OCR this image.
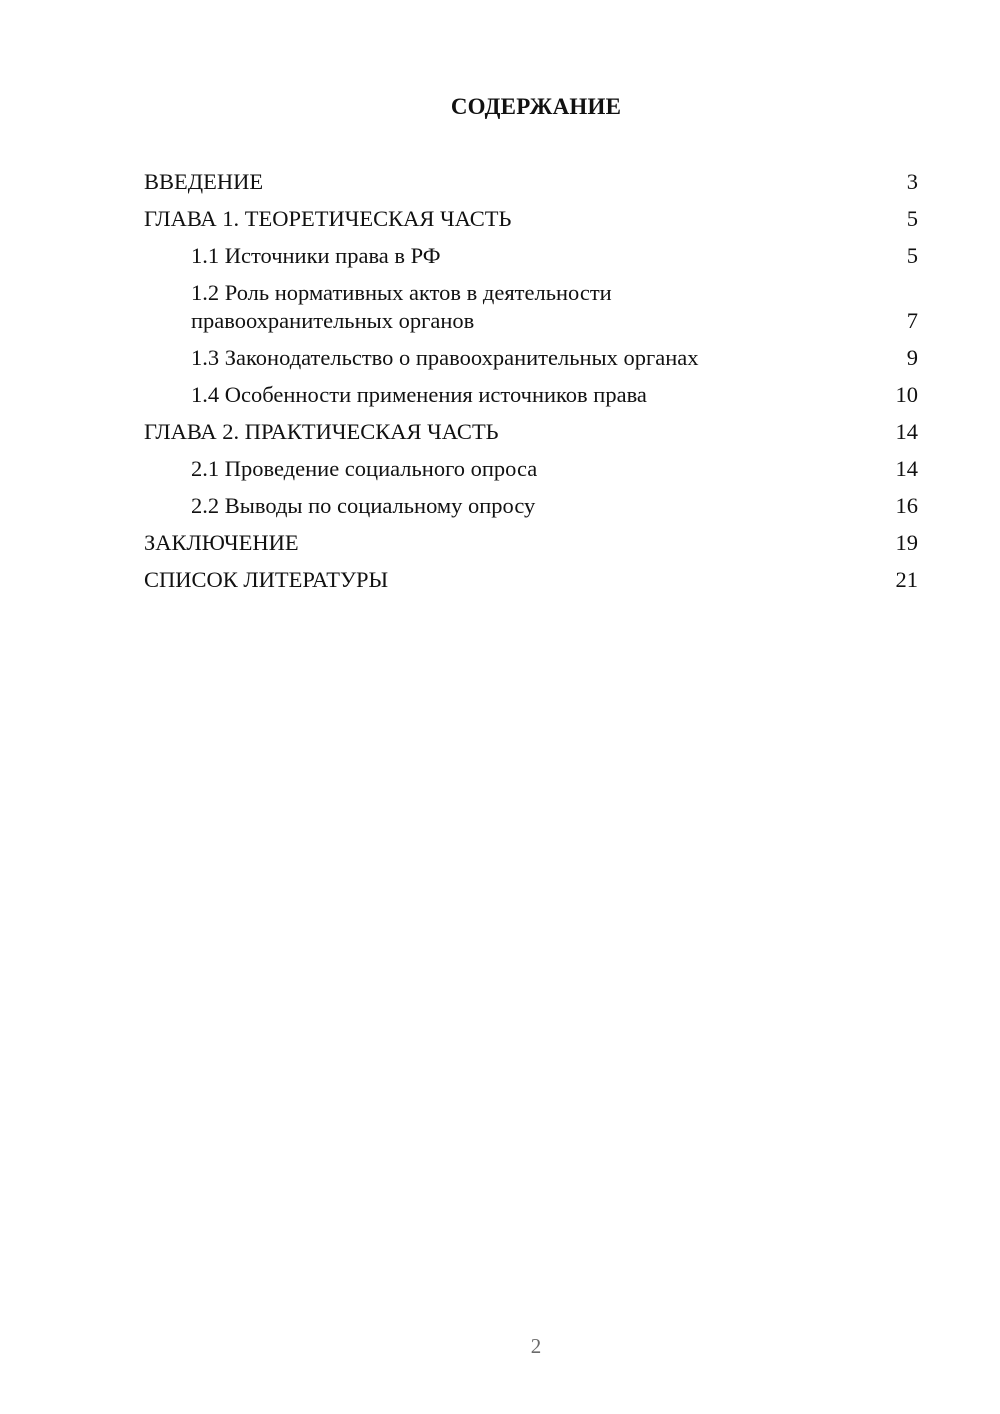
СОДЕРЖАНИЕ
ВВЕДЕНИЕ	3
ГЛАВА 1. ТЕОРЕТИЧЕСКАЯ ЧАСТЬ	5
1.1 Источники права в РФ	5
1.2 Роль нормативных актов в деятельности правоохранительных органов	7
1.3 Законодательство о правоохранительных органах	9
1.4 Особенности применения источников права	10
ГЛАВА 2. ПРАКТИЧЕСКАЯ ЧАСТЬ	14
2.1 Проведение социального опроса	14
2.2 Выводы по социальному опросу	16
ЗАКЛЮЧЕНИЕ	19
СПИСОК ЛИТЕРАТУРЫ	21
2
